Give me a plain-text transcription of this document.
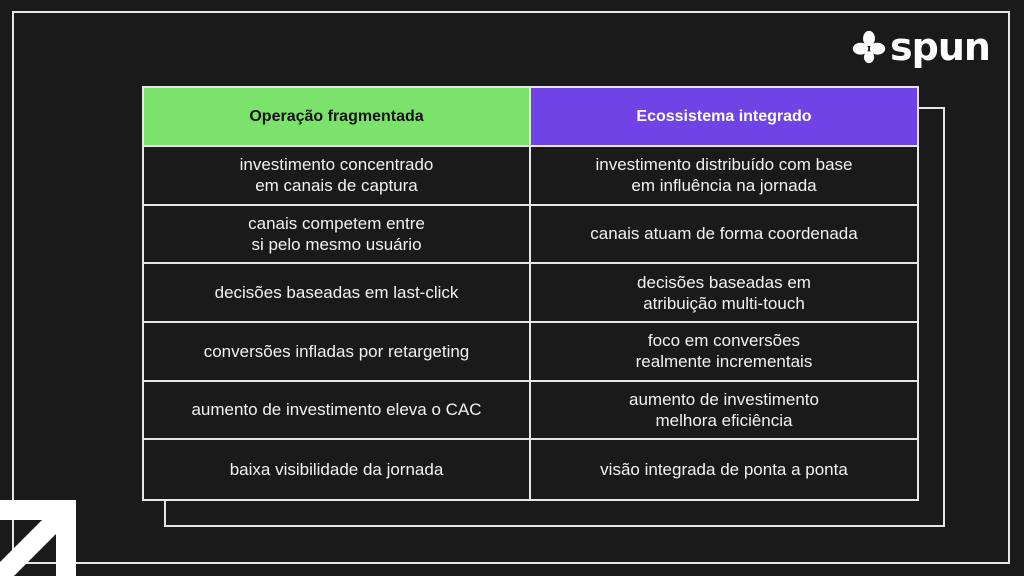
spun
Operação fragmentada	Ecossistema integrado
investimento concentrado
em canais de captura
investimento distribuído com base
em influência na jornada
canais competem entre
si pelo mesmo usuário
canais atuam de forma coordenada
decisões baseadas em last-click
decisões baseadas em
atribuição multi-touch
conversões infladas por retargeting
foco em conversões
realmente incrementais
aumento de investimento eleva o CAC
aumento de investimento
melhora eficiência
baixa visibilidade da jornada	visão integrada de ponta a ponta
